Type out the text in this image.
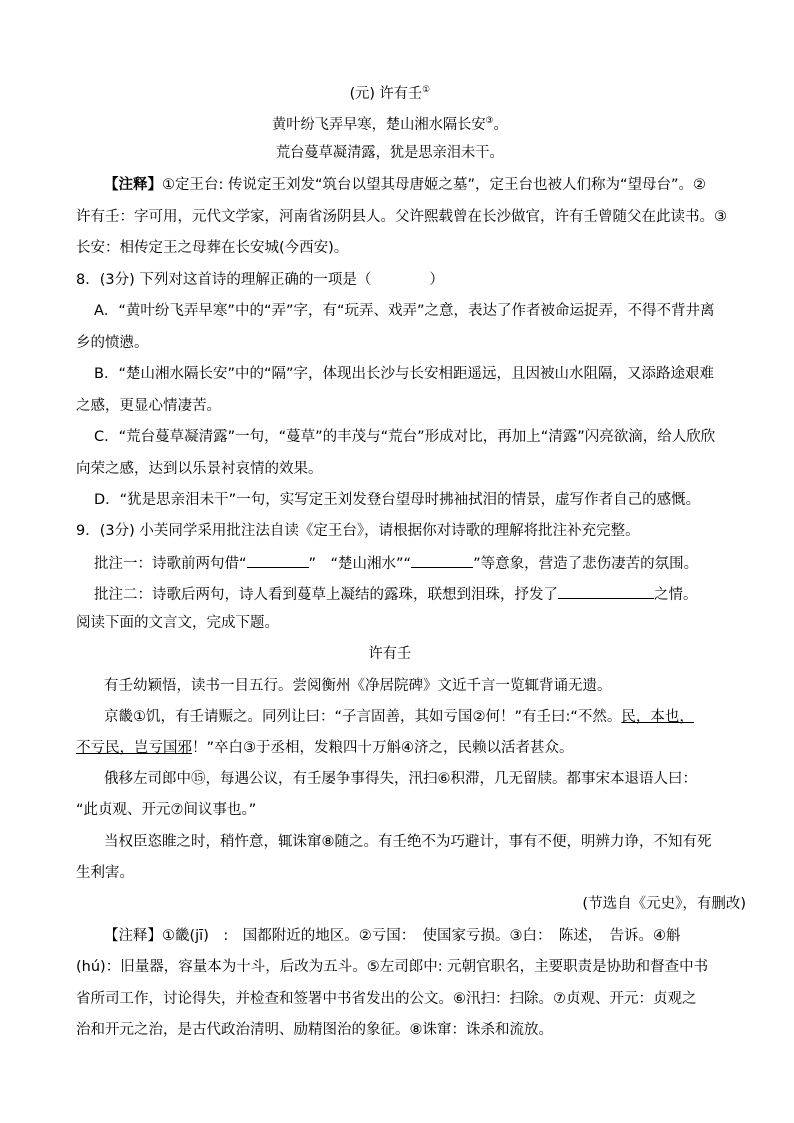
(元) 许有壬①
黄叶纷飞弄早寒，楚山湘水隔长安③。
荒台蔓草凝清露，犹是思亲泪未干。
【注释】①定王台: 传说定王刘发“筑台以望其母唐姬之墓”，定王台也被人们称为“望母台”。②
许有壬：字可用，元代文学家，河南省汤阴县人。父许熙载曾在长沙做官，许有壬曾随父在此读书。③
长安：相传定王之母葬在长安城(今西安)。
8．(3分) 下列对这首诗的理解正确的一项是（　　　　）
A．“黄叶纷飞弄早寒”中的“弄”字，有“玩弄、戏弄”之意，表达了作者被命运捉弄，不得不背井离
乡的愤懑。
B．“楚山湘水隔长安”中的“隔”字，体现出长沙与长安相距遥远，且因被山水阻隔，又添路途艰难
之感，更显心情凄苦。
C．“荒台蔓草凝清露”一句，“蔓草”的丰茂与“荒台”形成对比，再加上“清露”闪亮欲滴，给人欣欣
向荣之感，达到以乐景衬哀情的效果。
D．“犹是思亲泪未干”一句，实写定王刘发登台望母时拂袖拭泪的情景，虚写作者自己的感慨。
9．(3分) 小芙同学采用批注法自读《定王台》，请根据你对诗歌的理解将批注补充完整。
批注一：诗歌前两句借“	”　“楚山湘水”“	”等意象，营造了悲伤凄苦的氛围。
批注二：诗歌后两句，诗人看到蔓草上凝结的露珠，联想到泪珠，抒发了	之情。
阅读下面的文言文，完成下题。
许有壬
有壬幼颖悟，读书一目五行。尝阅衡州《净居院碑》文近千言一览辄背诵无遗。
京畿①饥，有壬请赈之。同列让曰：“子言固善，其如亏国②何！”有壬曰:“不然。民，本也，
不亏民，岂亏国邪！”卒白③于丞相，发粮四十万斛④济之，民赖以活者甚众。
俄移左司郎中⑮，每遇公议，有壬屡争事得失，汛扫⑥积滞，几无留牍。都事宋本退语人曰：
“此贞观、开元⑦间议事也。”
当权臣恣睢之时，稍忤意，辄诛窜⑧随之。有壬绝不为巧避计，事有不便，明辨力诤，不知有死
生利害。
(节选自《元史》，有删改)
【注释】①畿(jī)　:　国都附近的地区。②亏国：　使国家亏损。③白：　陈述，　告诉。④斛
(hú)：旧量器，容量本为十斗，后改为五斗。⑤左司郎中: 元朝官职名，主要职责是协助和督查中书
省所司工作，讨论得失，并检查和签署中书省发出的公文。⑥汛扫：扫除。⑦贞观、开元：贞观之
治和开元之治，是古代政治清明、励精图治的象征。⑧诛窜：诛杀和流放。
